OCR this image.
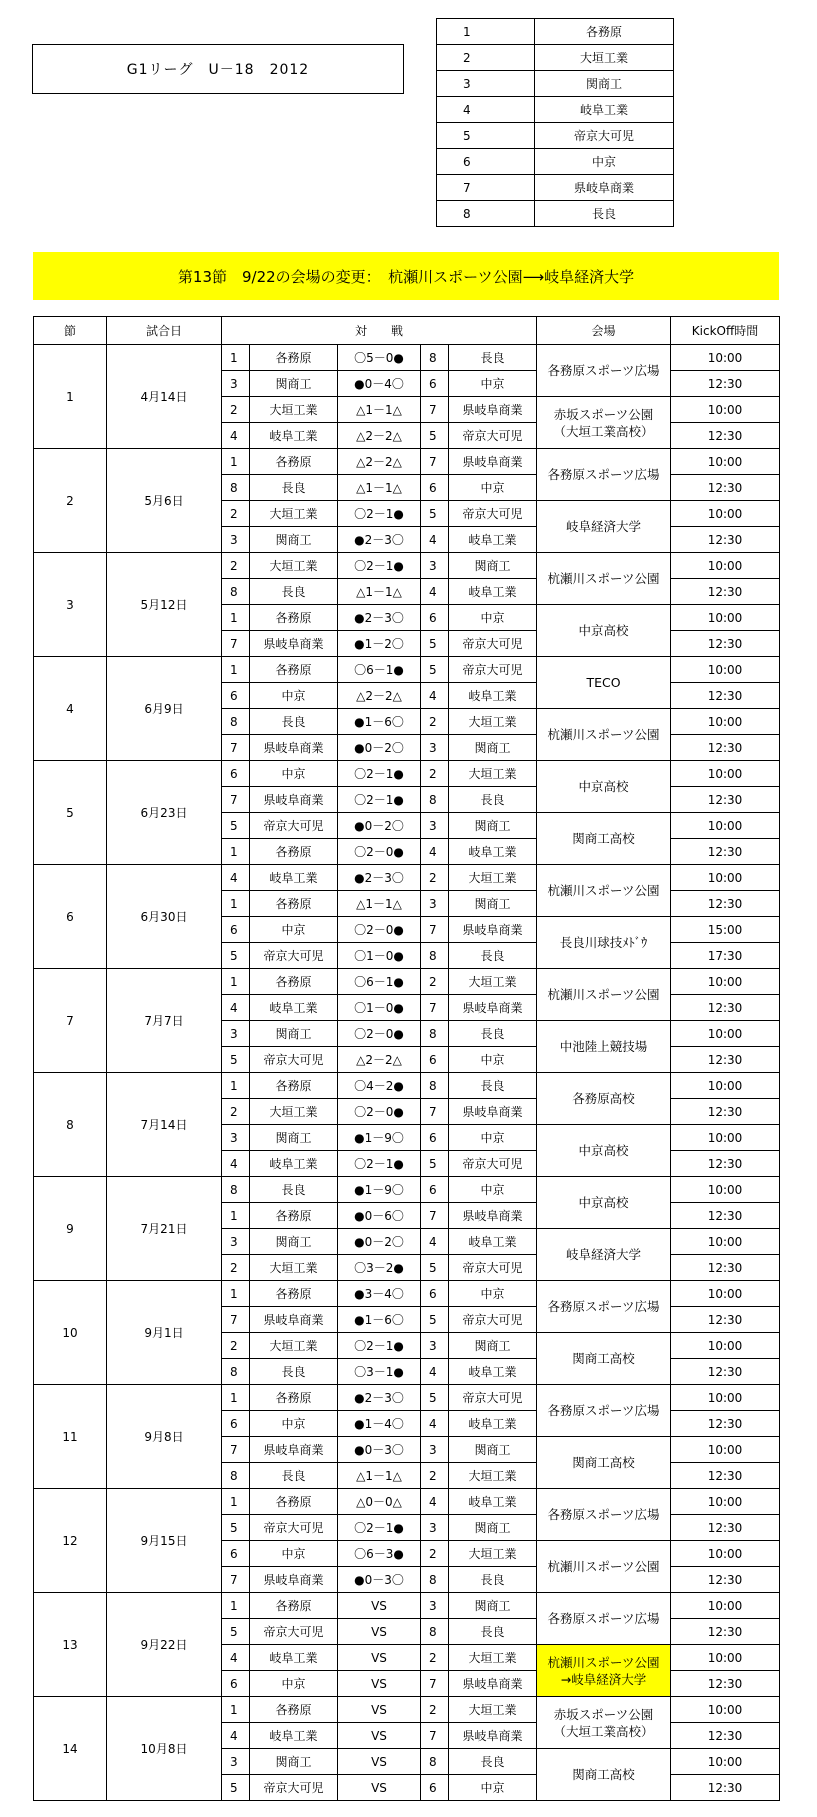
G1リーグ　U－18　2012
1	各務原
2	大垣工業
3	関商工
4	岐阜工業
5	帝京大可児
6	中京
7	県岐阜商業
8	長良
第13節　9/22の会場の変更：　杭瀬川スポーツ公園⟶岐阜経済大学
節	試合日	対　　戦					会場	KickOff時間
1	4月14日	1	各務原	〇5－0●	8	長良	各務原スポーツ広場	10:00
		3	関商工	●0－4〇	6	中京		12:30
		2	大垣工業	△1－1△	7	県岐阜商業	赤坂スポーツ公園
（大垣工業高校）	10:00
		4	岐阜工業	△2－2△	5	帝京大可児		12:30
2	5月6日	1	各務原	△2－2△	7	県岐阜商業	各務原スポーツ広場	10:00
		8	長良	△1－1△	6	中京		12:30
		2	大垣工業	〇2－1●	5	帝京大可児	岐阜経済大学	10:00
		3	関商工	●2－3〇	4	岐阜工業		12:30
3	5月12日	2	大垣工業	〇2－1●	3	関商工	杭瀬川スポーツ公園	10:00
		8	長良	△1－1△	4	岐阜工業		12:30
		1	各務原	●2－3〇	6	中京	中京高校	10:00
		7	県岐阜商業	●1－2〇	5	帝京大可児		12:30
4	6月9日	1	各務原	〇6－1●	5	帝京大可児	TECO	10:00
		6	中京	△2－2△	4	岐阜工業		12:30
		8	長良	●1－6〇	2	大垣工業	杭瀬川スポーツ公園	10:00
		7	県岐阜商業	●0－2〇	3	関商工		12:30
5	6月23日	6	中京	〇2－1●	2	大垣工業	中京高校	10:00
		7	県岐阜商業	〇2－1●	8	長良		12:30
		5	帝京大可児	●0－2〇	3	関商工	関商工高校	10:00
		1	各務原	〇2－0●	4	岐阜工業		12:30
6	6月30日	4	岐阜工業	●2－3〇	2	大垣工業	杭瀬川スポーツ公園	10:00
		1	各務原	△1－1△	3	関商工		12:30
		6	中京	〇2－0●	7	県岐阜商業	長良川球技ﾒﾄﾞｳ	15:00
		5	帝京大可児	〇1－0●	8	長良		17:30
7	7月7日	1	各務原	〇6－1●	2	大垣工業	杭瀬川スポーツ公園	10:00
		4	岐阜工業	〇1－0●	7	県岐阜商業		12:30
		3	関商工	〇2－0●	8	長良	中池陸上競技場	10:00
		5	帝京大可児	△2－2△	6	中京		12:30
8	7月14日	1	各務原	〇4－2●	8	長良	各務原高校	10:00
		2	大垣工業	〇2－0●	7	県岐阜商業		12:30
		3	関商工	●1－9〇	6	中京	中京高校	10:00
		4	岐阜工業	〇2－1●	5	帝京大可児		12:30
9	7月21日	8	長良	●1－9〇	6	中京	中京高校	10:00
		1	各務原	●0－6〇	7	県岐阜商業		12:30
		3	関商工	●0－2〇	4	岐阜工業	岐阜経済大学	10:00
		2	大垣工業	〇3－2●	5	帝京大可児		12:30
10	9月1日	1	各務原	●3－4〇	6	中京	各務原スポーツ広場	10:00
		7	県岐阜商業	●1－6〇	5	帝京大可児		12:30
		2	大垣工業	〇2－1●	3	関商工	関商工高校	10:00
		8	長良	〇3－1●	4	岐阜工業		12:30
11	9月8日	1	各務原	●2－3〇	5	帝京大可児	各務原スポーツ広場	10:00
		6	中京	●1－4〇	4	岐阜工業		12:30
		7	県岐阜商業	●0－3〇	3	関商工	関商工高校	10:00
		8	長良	△1－1△	2	大垣工業		12:30
12	9月15日	1	各務原	△0－0△	4	岐阜工業	各務原スポーツ広場	10:00
		5	帝京大可児	〇2－1●	3	関商工		12:30
		6	中京	〇6－3●	2	大垣工業	杭瀬川スポーツ公園	10:00
		7	県岐阜商業	●0－3〇	8	長良		12:30
13	9月22日	1	各務原	VS	3	関商工	各務原スポーツ広場	10:00
		5	帝京大可児	VS	8	長良		12:30
		4	岐阜工業	VS	2	大垣工業	杭瀬川スポーツ公園
→岐阜経済大学	10:00
		6	中京	VS	7	県岐阜商業		12:30
14	10月8日	1	各務原	VS	2	大垣工業	赤坂スポーツ公園
（大垣工業高校）	10:00
		4	岐阜工業	VS	7	県岐阜商業		12:30
		3	関商工	VS	8	長良	関商工高校	10:00
		5	帝京大可児	VS	6	中京		12:30
